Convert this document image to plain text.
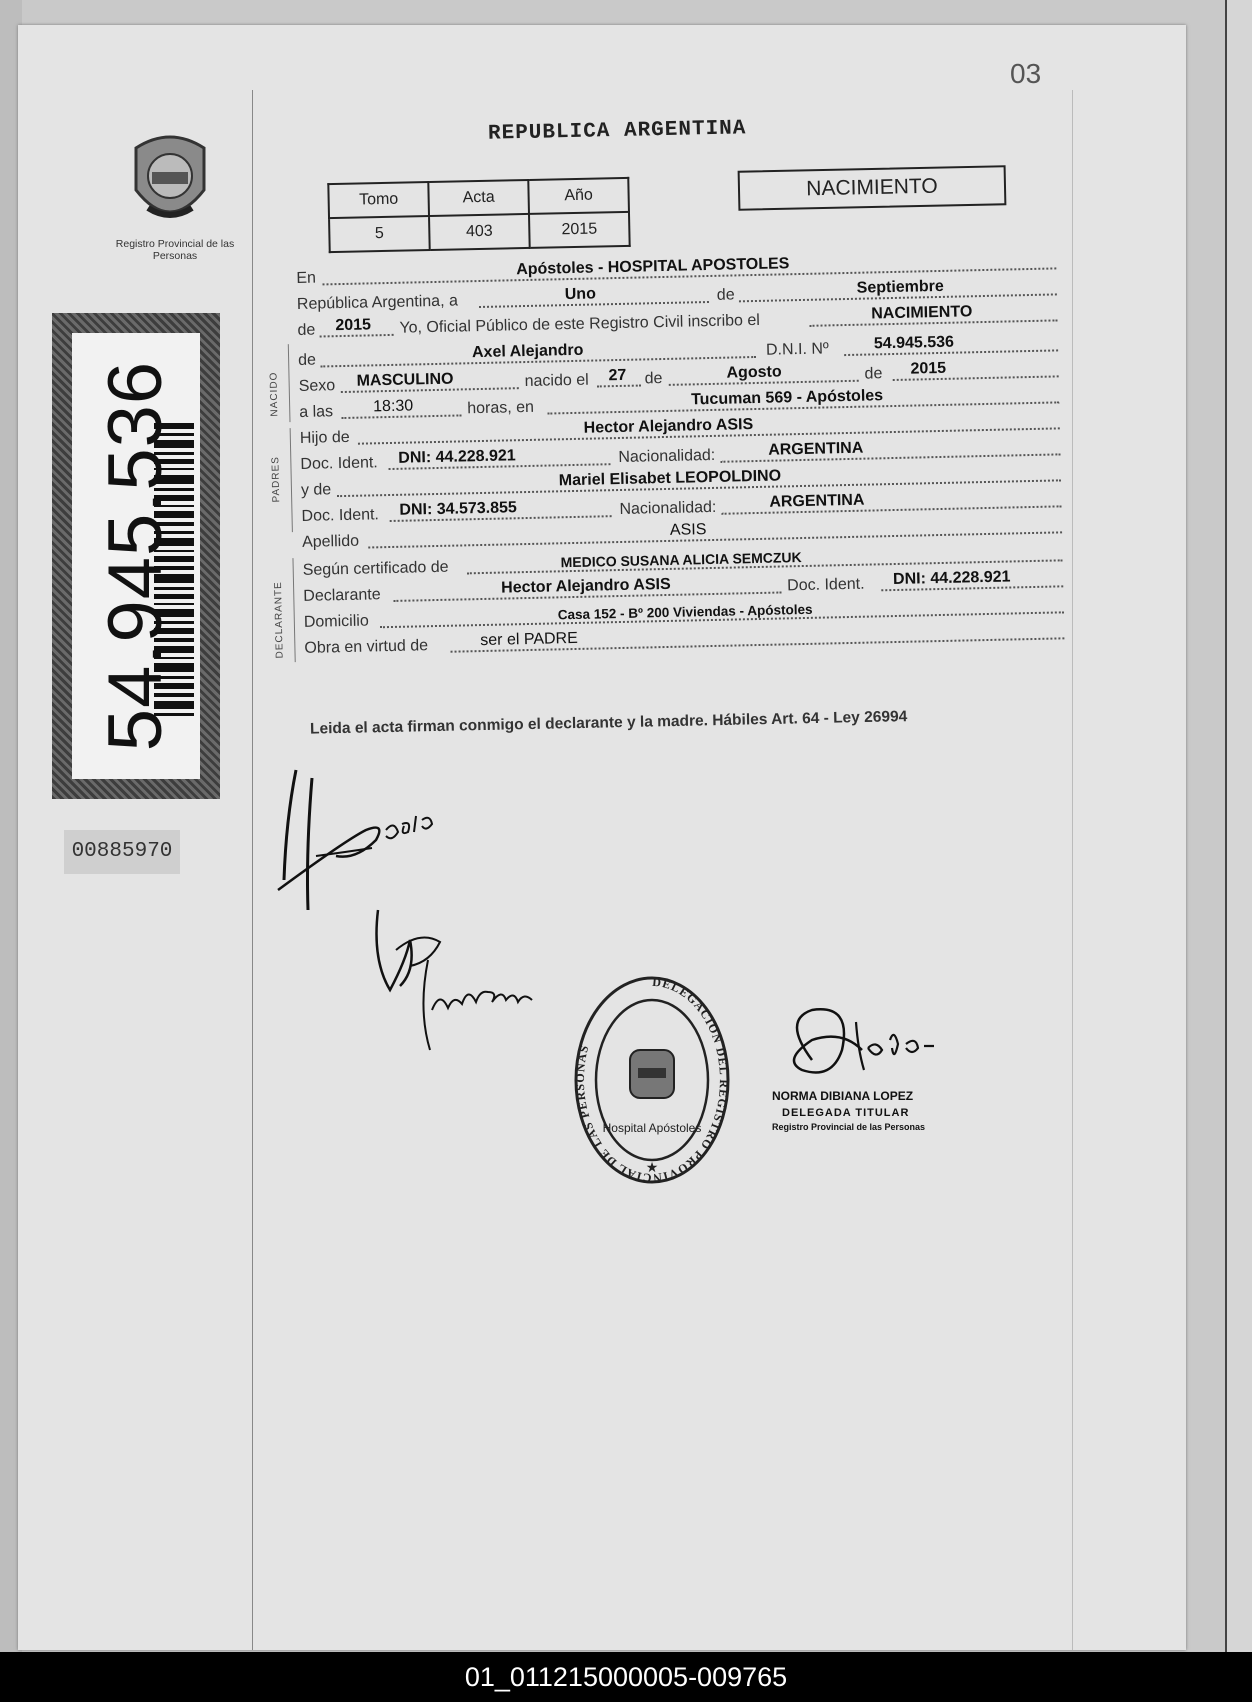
03
Registro Provincial de las Personas
54.945.536
00885970
REPUBLICA ARGENTINA
Tomo	Acta	Año
5	403	2015
NACIMIENTO
En
Apóstoles - HOSPITAL APOSTOLES
República Argentina, a	Uno	de	Septiembre
de 2015 Yo, Oficial Público de este Registro Civil inscribo el	NACIMIENTO
NACIDO
de	Axel Alejandro	D.N.I. Nº	54.945.536
Sexo MASCULINO	nacido el 27 de	Agosto	de 2015
a las 18:30	horas, en	Tucuman 569 - Apóstoles
PADRES
Hijo de
Hector Alejandro ASIS
Doc. Ident. DNI: 44.228.921	Nacionalidad:	ARGENTINA
y de
Mariel Elisabet LEOPOLDINO
Doc. Ident. DNI: 34.573.855	Nacionalidad:	ARGENTINA
Apellido
ASIS
DECLARANTE
Según certificado de	MEDICO SUSANA ALICIA SEMCZUK
Declarante	Hector Alejandro ASIS	Doc. Ident. DNI: 44.228.921
Domicilio	Casa 152 - Bº 200 Viviendas - Apóstoles
Obra en virtud de	ser el PADRE
Leida el acta firman conmigo el declarante y la madre. Hábiles Art. 64 - Ley 26994
DELEGACION DEL REGISTRO PROVINCIAL DE LAS PERSONAS
Hospital Apóstoles
★
NORMA DIBIANA LOPEZ
DELEGADA TITULAR
Registro Provincial de las Personas
01_011215000005-009765
